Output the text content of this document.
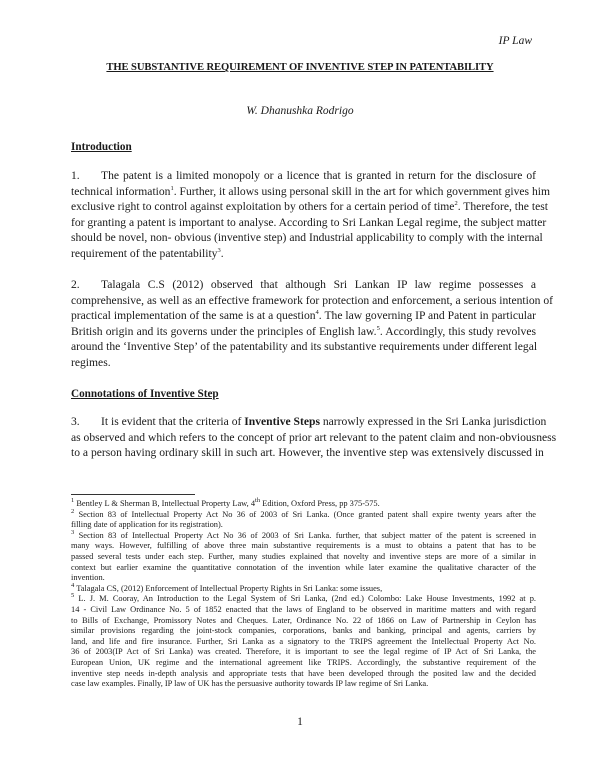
IP Law
THE SUBSTANTIVE REQUIREMENT OF INVENTIVE STEP IN PATENTABILITY
W. Dhanushka Rodrigo
Introduction
1. The patent is a limited monopoly or a licence that is granted in return for the disclosure of
technical information$^1$. Further, it allows using personal skill in the art for which government gives him
exclusive right to control against exploitation by others for a certain period of time$^2$. Therefore, the test
for granting a patent is important to analyse. According to Sri Lankan Legal regime, the subject matter
should be novel, non- obvious (inventive step) and Industrial applicability to comply with the internal
requirement of the patentability$^3$.
2. Talagala C.S (2012) observed that although Sri Lankan IP law regime possesses a
comprehensive, as well as an effective framework for protection and enforcement, a serious intention of
practical implementation of the same is at a question$^4$. The law governing IP and Patent in particular
British origin and its governs under the principles of English law.$^5$. Accordingly, this study revolves
around the ‘Inventive Step’ of the patentability and its substantive requirements under different legal
regimes.
Connotations of Inventive Step
3. It is evident that the criteria of Inventive Steps narrowly expressed in the Sri Lanka jurisdiction
as observed and which refers to the concept of prior art relevant to the patent claim and non-obviousness
to a person having ordinary skill in such art. However, the inventive step was extensively discussed in
$^1$ Bentley L & Sherman B, Intellectual Property Law, 4th Edition, Oxford Press, pp 375-575.
$^2$ Section 83 of Intellectual Property Act No 36 of 2003 of Sri Lanka. (Once granted patent shall expire twenty years after the
filling date of application for its registration).
$^3$ Section 83 of Intellectual Property Act No 36 of 2003 of Sri Lanka. further, that subject matter of the patent is screened in
many ways. However, fulfilling of above three main substantive requirements is a must to obtains a patent that has to be
passed several tests under each step. Further, many studies explained that novelty and inventive steps are more of a similar in
context but earlier examine the quantitative connotation of the invention while later examine the qualitative character of the
invention.
$^4$ Talagala CS, (2012) Enforcement of Intellectual Property Rights in Sri Lanka: some issues,
$^5$ L. J. M. Cooray, An Introduction to the Legal System of Sri Lanka, (2nd ed.) Colombo: Lake House Investments, 1992 at p.
14 - Civil Law Ordinance No. 5 of 1852 enacted that the laws of England to be observed in maritime matters and with regard
to Bills of Exchange, Promissory Notes and Cheques. Later, Ordinance No. 22 of 1866 on Law of Partnership in Ceylon has
similar provisions regarding the joint-stock companies, corporations, banks and banking, principal and agents, carriers by
land, and life and fire insurance. Further, Sri Lanka as a signatory to the TRIPS agreement the Intellectual Property Act No.
36 of 2003(IP Act of Sri Lanka) was created. Therefore, it is important to see the legal regime of IP Act of Sri Lanka, the
European Union, UK regime and the international agreement like TRIPS. Accordingly, the substantive requirement of the
inventive step needs in-depth analysis and appropriate tests that have been developed through the posited law and the decided
case law examples. Finally, IP law of UK has the persuasive authority towards IP law regime of Sri Lanka.
1
